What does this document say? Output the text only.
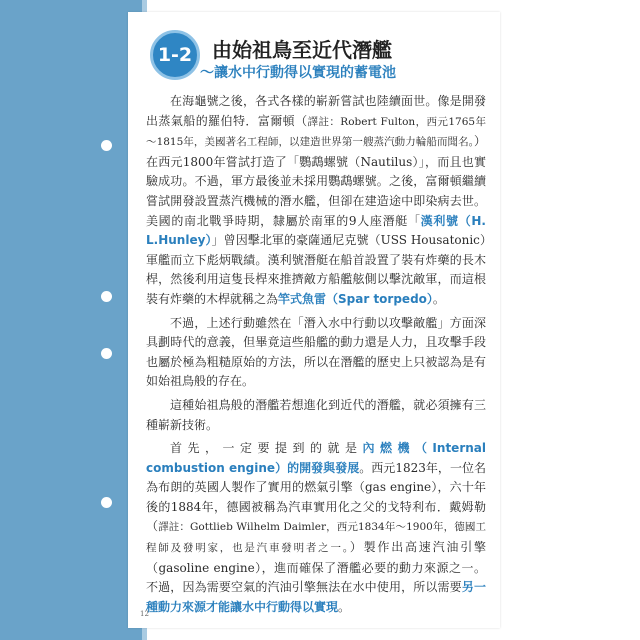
1-2 由始祖鳥至近代潛艦
～讓水中行動得以實現的蓄電池

在海龜號之後，各式各樣的嶄新嘗試也陸續面世。像是開發出蒸氣船的羅伯特．富爾頓（譯註：Robert Fulton，西元1765年～1815年，美國著名工程師，以建造世界第一艘蒸汽動力輪船而聞名。）在西元1800年嘗試打造了「鸚鵡螺號（Nautilus）」，而且也實驗成功。不過，軍方最後並未採用鸚鵡螺號。之後，富爾頓繼續嘗試開發設置蒸汽機械的潛水艦，但卻在建造途中即染病去世。美國的南北戰爭時期，隸屬於南軍的9人座潛艇「漢利號（H. L.Hunley）」曾因擊北軍的豪薩通尼克號（USS Housatonic）軍艦而立下彪炳戰績。漢利號潛艇在船首設置了裝有炸藥的長木桿，然後利用這隻長桿來推擠敵方船艦舷側以擊沈敵軍，而這根裝有炸藥的木桿就稱之為竿式魚雷（Spar torpedo）。

不過，上述行動雖然在「潛入水中行動以攻擊敵艦」方面深具劃時代的意義，但畢竟這些船艦的動力還是人力，且攻擊手段也屬於極為粗糙原始的方法，所以在潛艦的歷史上只被認為是有如始祖鳥般的存在。

這種始祖鳥般的潛艦若想進化到近代的潛艦，就必須擁有三種嶄新技術。

首先，一定要提到的就是內燃機（Internal combustion engine）的開發與發展。西元1823年，一位名為布朗的英國人製作了實用的燃氣引擎（gas engine），六十年後的1884年，德國被稱為汽車實用化之父的戈特利布．戴姆勒（譯註：Gottlieb Wilhelm Daimler，西元1834年～1900年，德國工程師及發明家，也是汽車發明者之一。）製作出高速汽油引擎（gasoline engine），進而確保了潛艦必要的動力來源之一。不過，因為需要空氣的汽油引擎無法在水中使用，所以需要另一種動力來源才能讓水中行動得以實現。

12
